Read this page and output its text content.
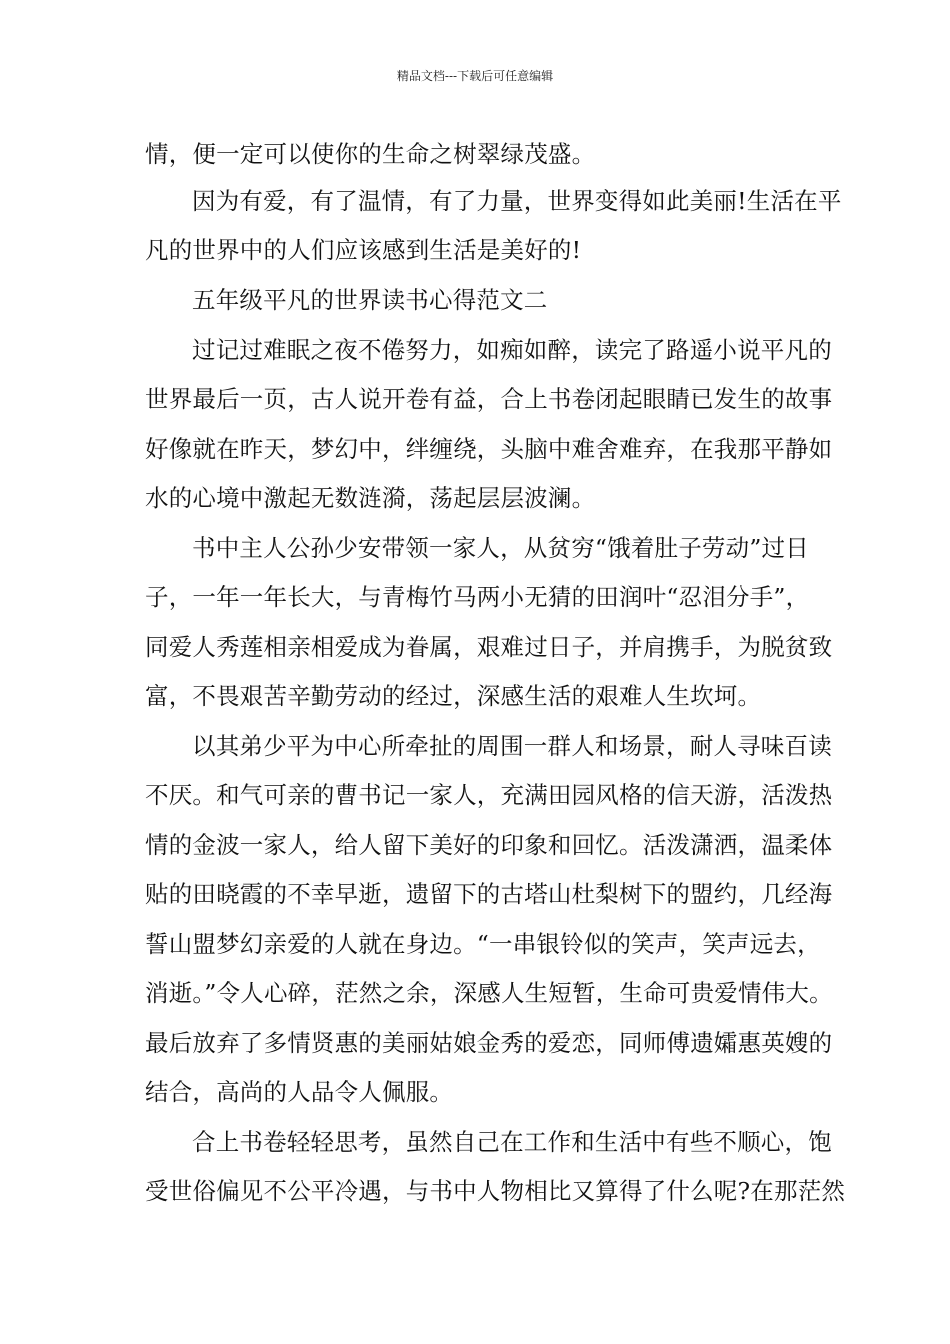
精品文档---下载后可任意编辑
情，便一定可以使你的生命之树翠绿茂盛。
因为有爱，有了温情，有了力量，世界变得如此美丽!生活在平
凡的世界中的人们应该感到生活是美好的!
五年级平凡的世界读书心得范文二
过记过难眠之夜不倦努力，如痴如醉，读完了路遥小说平凡的
世界最后一页，古人说开卷有益，合上书卷闭起眼睛已发生的故事
好像就在昨天，梦幻中，绊缠绕，头脑中难舍难弃，在我那平静如
水的心境中激起无数涟漪，荡起层层波澜。
书中主人公孙少安带领一家人，从贫穷“饿着肚子劳动”过日
子，一年一年长大，与青梅竹马两小无猜的田润叶“忍泪分手”，
同爱人秀莲相亲相爱成为眷属，艰难过日子，并肩携手，为脱贫致
富，不畏艰苦辛勤劳动的经过，深感生活的艰难人生坎坷。
以其弟少平为中心所牵扯的周围一群人和场景，耐人寻味百读
不厌。和气可亲的曹书记一家人，充满田园风格的信天游，活泼热
情的金波一家人，给人留下美好的印象和回忆。活泼潇洒，温柔体
贴的田晓霞的不幸早逝，遗留下的古塔山杜梨树下的盟约，几经海
誓山盟梦幻亲爱的人就在身边。“一串银铃似的笑声，笑声远去，
消逝。”令人心碎，茫然之余，深感人生短暂，生命可贵爱情伟大。
最后放弃了多情贤惠的美丽姑娘金秀的爱恋，同师傅遗孀惠英嫂的
结合，高尚的人品令人佩服。
合上书卷轻轻思考，虽然自己在工作和生活中有些不顺心，饱
受世俗偏见不公平冷遇，与书中人物相比又算得了什么呢?在那茫然
